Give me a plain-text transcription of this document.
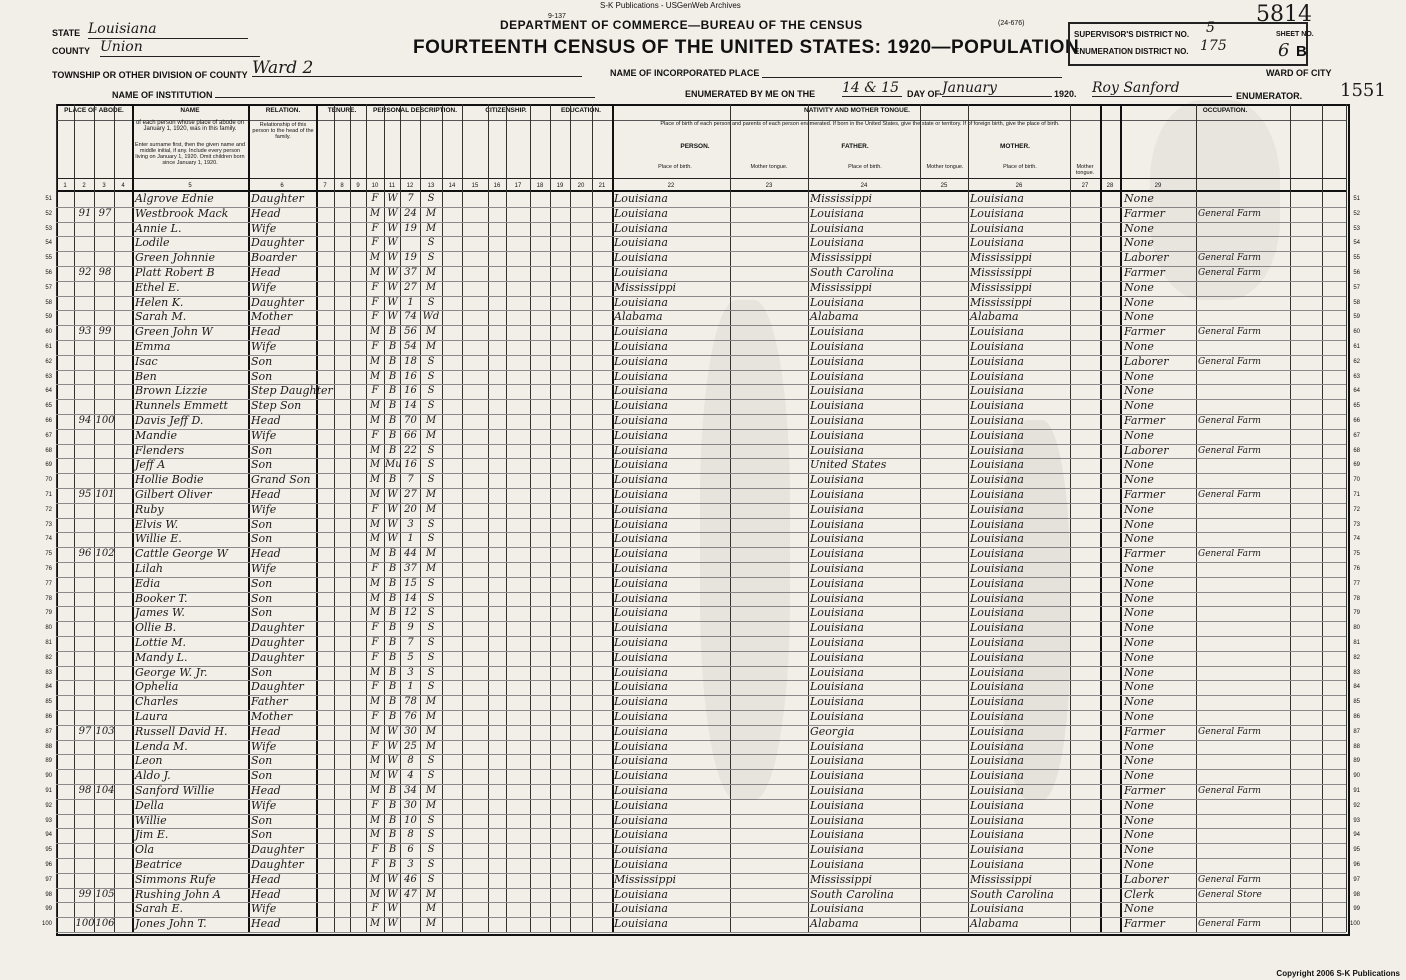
S-K Publications - USGenWeb Archives
9-137
DEPARTMENT OF COMMERCE—BUREAU OF THE CENSUS	(24-676)
FOURTEENTH CENSUS OF THE UNITED STATES: 1920—POPULATION
STATE Louisiana
COUNTY Union
TOWNSHIP OR OTHER DIVISION OF COUNTY Ward 2
NAME OF INSTITUTION
NAME OF INCORPORATED PLACE
ENUMERATED BY ME ON THE 14 & 15 DAY OF January	1920. Roy Sanford	ENUMERATOR.
SUPERVISOR'S DISTRICT NO. 5
ENUMERATION DISTRICT NO. 175
SHEET NO.
6 B
5814
WARD OF CITY
1551
PLACE OF ABODE.	NAME
of each person whose place of abode on January 1, 1920, was in this family.
Enter surname first, then the given name and middle initial, if any. Include every person living on January 1, 1920. Omit children born since January 1, 1920.
RELATION.
Relationship of this person to the head of the family.
TENURE.	PERSONAL DESCRIPTION.	CITIZENSHIP.	EDUCATION.	NATIVITY AND MOTHER TONGUE.
Place of birth of each person and parents of each person enumerated. If born in the United States, give the state or territory. If of foreign birth, give the place of birth.
PERSON.	FATHER.	MOTHER.
Place of birth.	Mother tongue.	Place of birth.	Mother tongue.	Place of birth.	Mother tongue.
OCCUPATION.
1	2	3	4	5	6	7	8	9	10	11	12	13	14	15	16	17	18	19	20	21	22	23	24	25	26	27	28	29
51	51
Algrove Ednie	Daughter	F W 7	S	Louisiana	Mississippi	Louisiana	None
52	52
91 97	Westbrook Mack	Head	M W 24 M	Louisiana	Louisiana	Louisiana	Farmer	General Farm
53	53
Annie L.	Wife	F W 19 M	Louisiana	Louisiana	Louisiana	None
54	54
Lodile	Daughter	F W	S	Louisiana	Louisiana	Louisiana	None
55	55
Green Johnnie	Boarder	M W 19	S	Louisiana	Mississippi	Mississippi	Laborer	General Farm
56	56
92 98	Platt Robert B	Head	M W 37 M	Louisiana	South Carolina	Mississippi	Farmer	General Farm
57	57
Ethel E.	Wife	F W 27 M	Mississippi	Mississippi	Mississippi	None
58	58
Helen K.	Daughter	F W 1	S	Louisiana	Louisiana	Mississippi	None
59	59
Sarah M.	Mother	F W 74 Wd	Alabama	Alabama	Alabama	None
60	60
93 99	Green John W	Head	M B 56 M	Louisiana	Louisiana	Louisiana	Farmer	General Farm
61	61
Emma	Wife	F	B 54 M	Louisiana	Louisiana	Louisiana	None
62	62
Isac	Son	M B 18	S	Louisiana	Louisiana	Louisiana	Laborer	General Farm
63	63
Ben	Son	M B 16	S	Louisiana	Louisiana	Louisiana	None
64	64
Brown Lizzie	Step Daughter	F	B 16	S	Louisiana	Louisiana	Louisiana	None
65	65
Runnels Emmett	Step Son	M B 14	S	Louisiana	Louisiana	Louisiana	None
66	66
94 100 Davis Jeff D.	Head	M B 70 M	Louisiana	Louisiana	Louisiana	Farmer	General Farm
67	67
Mandie	Wife	F	B 66 M	Louisiana	Louisiana	Louisiana	None
68	68
Flenders	Son	M B 22	S	Louisiana	Louisiana	Louisiana	Laborer	General Farm
69	69
Jeff A	Son	M Mu 16	S	Louisiana	United States	Louisiana	None
70	70
Hollie Bodie	Grand Son	M B	7	S	Louisiana	Louisiana	Louisiana	None
71	71
95 101 Gilbert Oliver	Head	M W 27 M	Louisiana	Louisiana	Louisiana	Farmer	General Farm
72	72
Ruby	Wife	F W 20 M	Louisiana	Louisiana	Louisiana	None
73	73
Elvis W.	Son	M W 3	S	Louisiana	Louisiana	Louisiana	None
74	74
Willie E.	Son	M W 1	S	Louisiana	Louisiana	Louisiana	None
75	75
96 102 Cattle George W	Head	M B 44 M	Louisiana	Louisiana	Louisiana	Farmer	General Farm
76	76
Lilah	Wife	F	B 37 M	Louisiana	Louisiana	Louisiana	None
77	77
Edia	Son	M B 15	S	Louisiana	Louisiana	Louisiana	None
78	78
Booker T.	Son	M B 14	S	Louisiana	Louisiana	Louisiana	None
79	79
James W.	Son	M B 12	S	Louisiana	Louisiana	Louisiana	None
80	80
Ollie B.	Daughter	F	B	9	S	Louisiana	Louisiana	Louisiana	None
81	81
Lottie M.	Daughter	F	B	7	S	Louisiana	Louisiana	Louisiana	None
82	82
Mandy L.	Daughter	F	B	5	S	Louisiana	Louisiana	Louisiana	None
83	83
George W. Jr.	Son	M B	3	S	Louisiana	Louisiana	Louisiana	None
84	84
Ophelia	Daughter	F	B	1	S	Louisiana	Louisiana	Louisiana	None
85	85
Charles	Father	M B 78 M	Louisiana	Louisiana	Louisiana	None
86	86
Laura	Mother	F	B 76 M	Louisiana	Louisiana	Louisiana	None
87	87
97 103 Russell David H.	Head	M W 30 M	Louisiana	Georgia	Louisiana	Farmer	General Farm
88	88
Lenda M.	Wife	F W 25 M	Louisiana	Louisiana	Louisiana	None
89	89
Leon	Son	M W 8	S	Louisiana	Louisiana	Louisiana	None
90	90
Aldo J.	Son	M W 4	S	Louisiana	Louisiana	Louisiana	None
91	91
98 104 Sanford Willie	Head	M B 34 M	Louisiana	Louisiana	Louisiana	Farmer	General Farm
92	92
Della	Wife	F	B 30 M	Louisiana	Louisiana	Louisiana	None
93	93
Willie	Son	M B 10	S	Louisiana	Louisiana	Louisiana	None
94	94
Jim E.	Son	M B	8	S	Louisiana	Louisiana	Louisiana	None
95	95
Ola	Daughter	F	B	6	S	Louisiana	Louisiana	Louisiana	None
96	96
Beatrice	Daughter	F	B	3	S	Louisiana	Louisiana	Louisiana	None
97	97
Simmons Rufe	Head	M W 46	S	Mississippi	Mississippi	Mississippi	Laborer	General Farm
98	98
99 105 Rushing John A	Head	M W 47 M	Louisiana	South Carolina	South Carolina	Clerk	General Store
99	99
Sarah E.	Wife	F W	M	Louisiana	Louisiana	Louisiana	None
100	100
100 106 Jones John T.	Head	M W	M	Louisiana	Alabama	Alabama	Farmer	General Farm
Copyright 2006 S-K Publications
